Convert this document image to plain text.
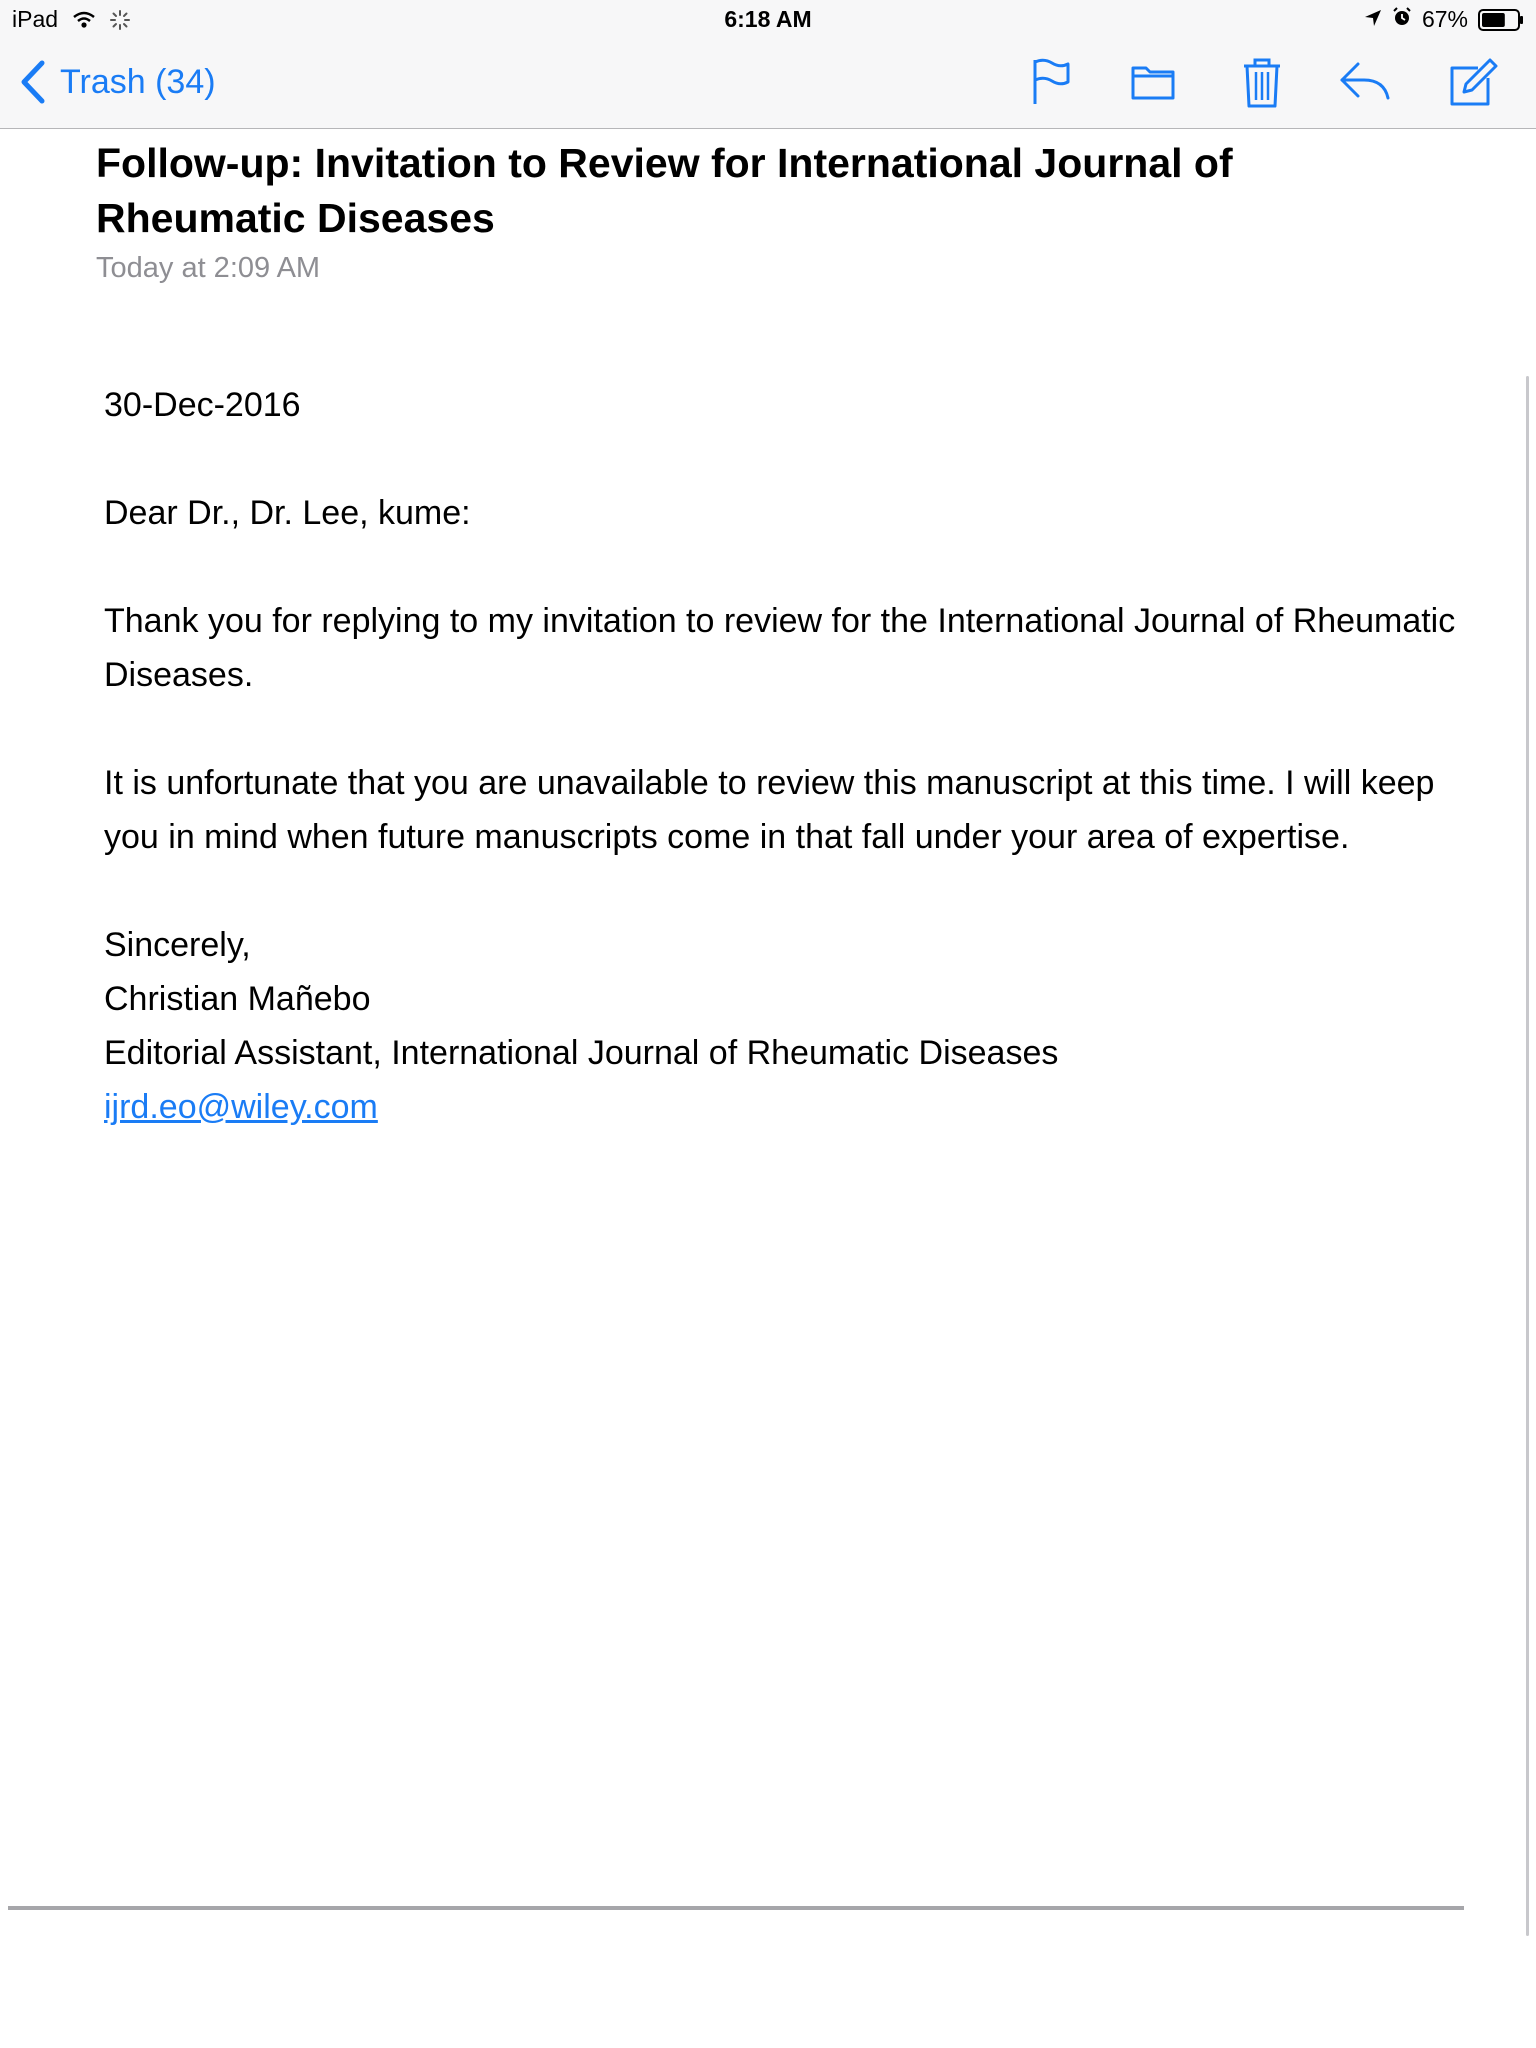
iPad	6:18 AM	67%
Trash (34)
Follow-up: Invitation to Review for International Journal of Rheumatic Diseases
Today at 2:09 AM

30-Dec-2016

Dear Dr., Dr. Lee, kume:

Thank you for replying to my invitation to review for the International Journal of Rheumatic Diseases.

It is unfortunate that you are unavailable to review this manuscript at this time. I will keep you in mind when future manuscripts come in that fall under your area of expertise.

Sincerely,
Christian Mañebo
Editorial Assistant, International Journal of Rheumatic Diseases
ijrd.eo@wiley.com
